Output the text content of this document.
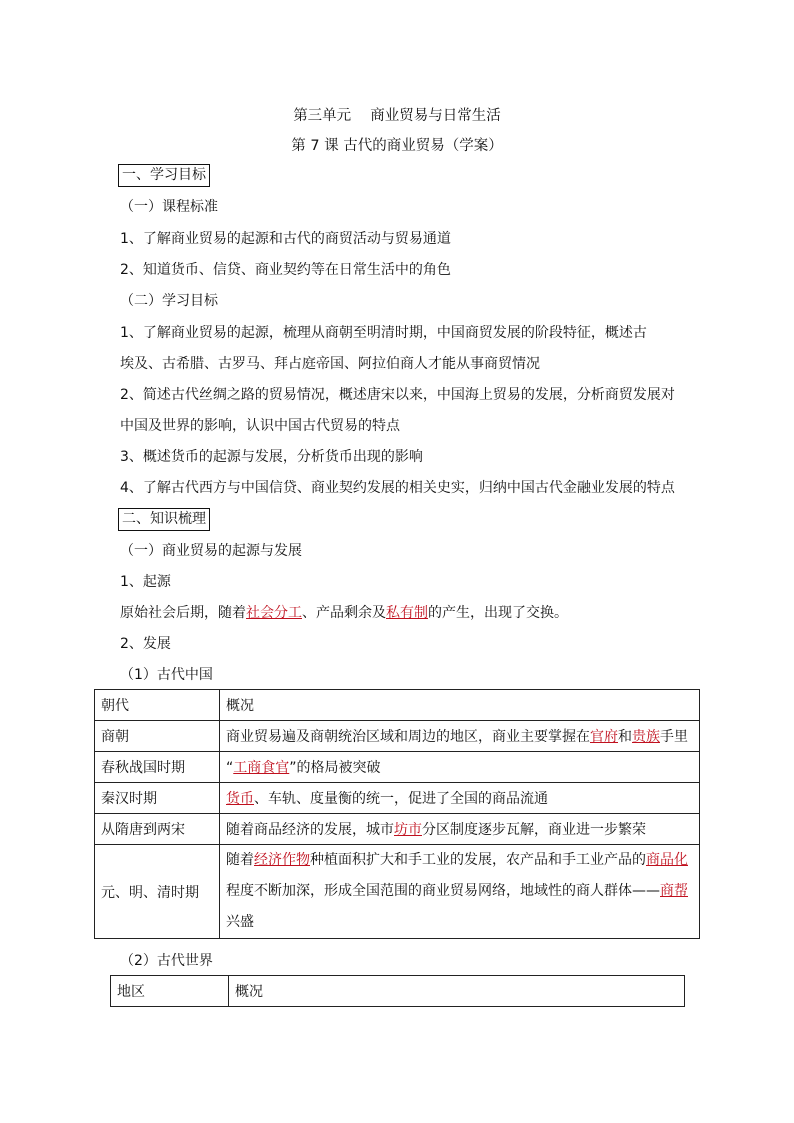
第三单元　 商业贸易与日常生活
第 7 课 古代的商业贸易（学案）
一、学习目标
（一）课程标准
1、了解商业贸易的起源和古代的商贸活动与贸易通道
2、知道货币、信贷、商业契约等在日常生活中的角色
（二）学习目标
1、了解商业贸易的起源，梳理从商朝至明清时期，中国商贸发展的阶段特征，概述古
埃及、古希腊、古罗马、拜占庭帝国、阿拉伯商人才能从事商贸情况
2、简述古代丝绸之路的贸易情况，概述唐宋以来，中国海上贸易的发展，分析商贸发展对
中国及世界的影响，认识中国古代贸易的特点
3、概述货币的起源与发展，分析货币出现的影响
4、了解古代西方与中国信贷、商业契约发展的相关史实，归纳中国古代金融业发展的特点
二、知识梳理
（一）商业贸易的起源与发展
1、起源
原始社会后期，随着社会分工、产品剩余及私有制的产生，出现了交换。
2、发展
（1）古代中国
朝代	概况
商朝	商业贸易遍及商朝统治区域和周边的地区，商业主要掌握在官府和贵族手里
春秋战国时期	“工商食官”的格局被突破
秦汉时期	货币、车轨、度量衡的统一，促进了全国的商品流通
从隋唐到两宋	随着商品经济的发展，城市坊市分区制度逐步瓦解，商业进一步繁荣
元、明、清时期	随着经济作物种植面积扩大和手工业的发展，农产品和手工业产品的商品化
程度不断加深，形成全国范围的商业贸易网络，地域性的商人群体——商帮
兴盛
（2）古代世界
地区	概况
